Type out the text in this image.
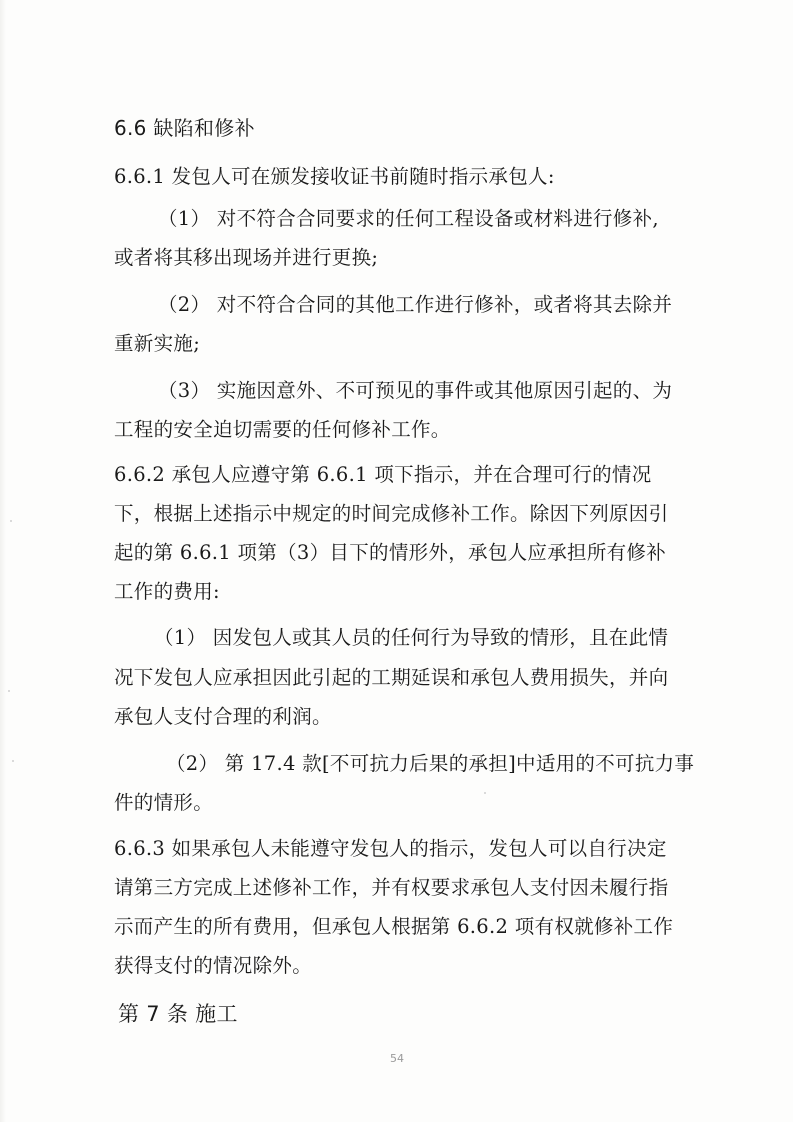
6.6 缺陷和修补
6.6.1 发包人可在颁发接收证书前随时指示承包人:
（1） 对不符合合同要求的任何工程设备或材料进行修补,
或者将其移出现场并进行更换;
（2） 对不符合合同的其他工作进行修补，或者将其去除并
重新实施;
（3） 实施因意外、不可预见的事件或其他原因引起的、为
工程的安全迫切需要的任何修补工作。
6.6.2 承包人应遵守第 6.6.1 项下指示，并在合理可行的情况
下，根据上述指示中规定的时间完成修补工作。除因下列原因引
起的第 6.6.1 项第（3）目下的情形外，承包人应承担所有修补
工作的费用:
（1） 因发包人或其人员的任何行为导致的情形，且在此情
况下发包人应承担因此引起的工期延误和承包人费用损失，并向
承包人支付合理的利润。
（2） 第 17.4 款[不可抗力后果的承担]中适用的不可抗力事
件的情形。
6.6.3 如果承包人未能遵守发包人的指示，发包人可以自行决定
请第三方完成上述修补工作，并有权要求承包人支付因未履行指
示而产生的所有费用，但承包人根据第 6.6.2 项有权就修补工作
获得支付的情况除外。
第 7 条 施工
54
